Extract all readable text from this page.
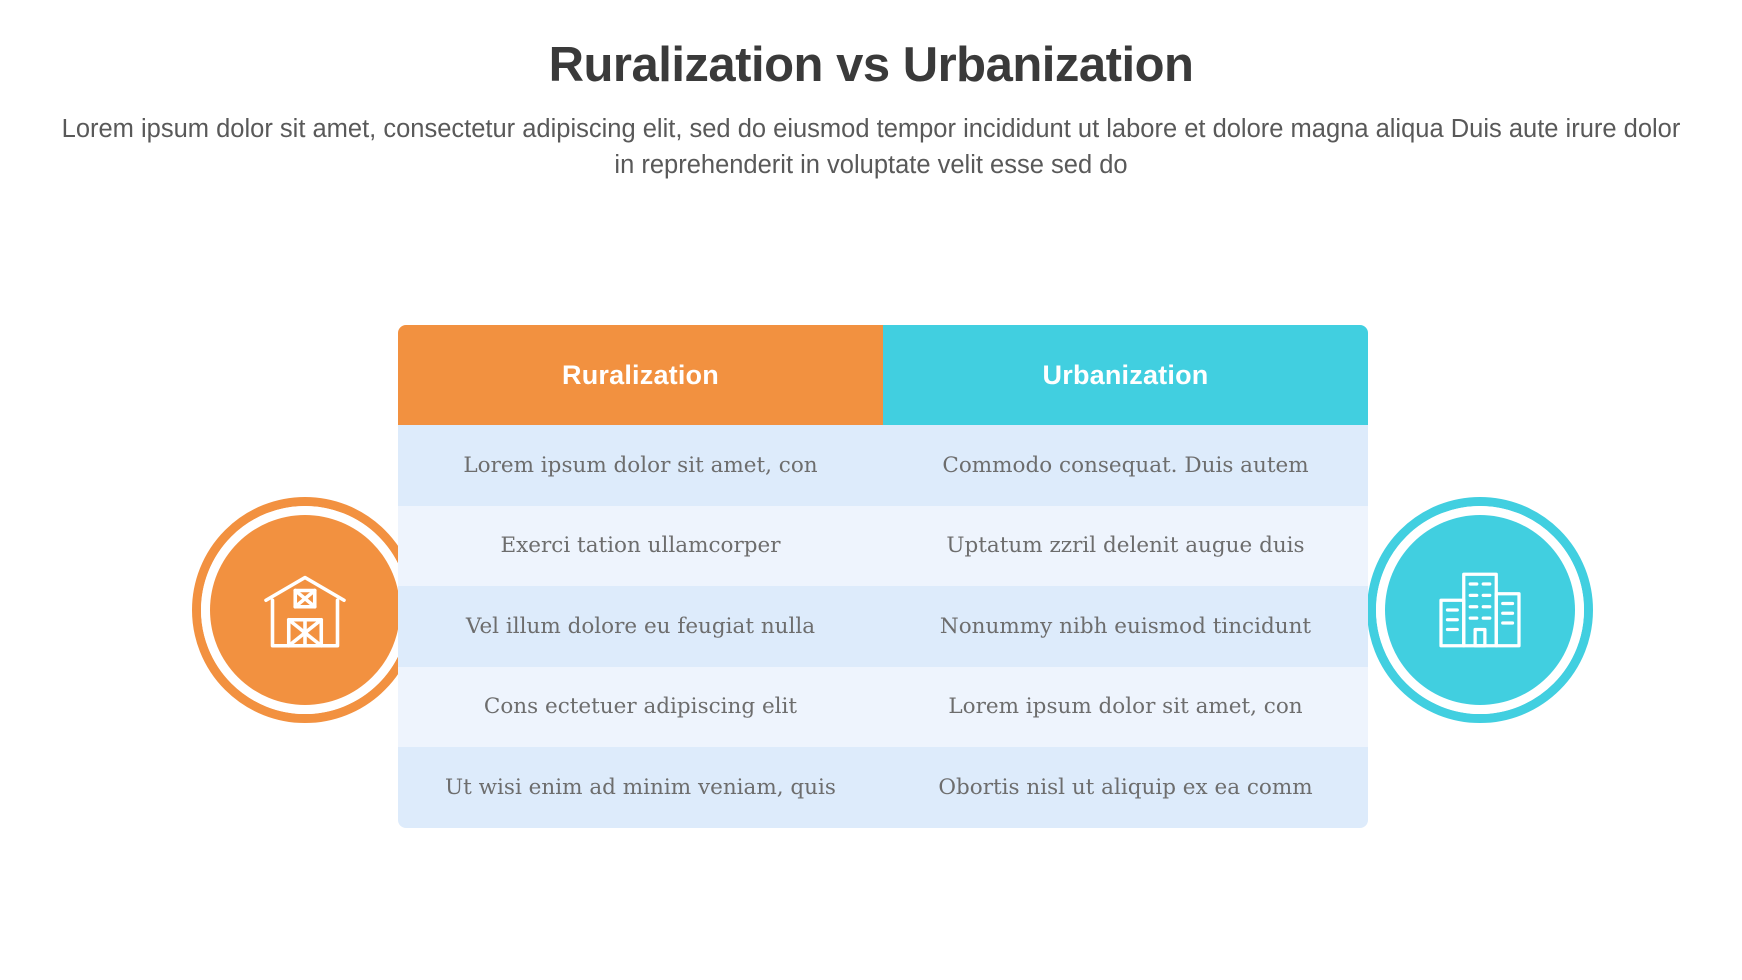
Ruralization vs Urbanization

Lorem ipsum dolor sit amet, consectetur adipiscing elit, sed do eiusmod tempor incididunt ut labore et dolore magna aliqua Duis aute irure dolor in reprehenderit in voluptate velit esse sed do

Ruralization	Urbanization
Lorem ipsum dolor sit amet, con	Commodo consequat. Duis autem
Exerci tation ullamcorper	Uptatum zzril delenit augue duis
Vel illum dolore eu feugiat nulla	Nonummy nibh euismod tincidunt
Cons ectetuer adipiscing elit	Lorem ipsum dolor sit amet, con
Ut wisi enim ad minim veniam, quis	Obortis nisl ut aliquip ex ea comm
